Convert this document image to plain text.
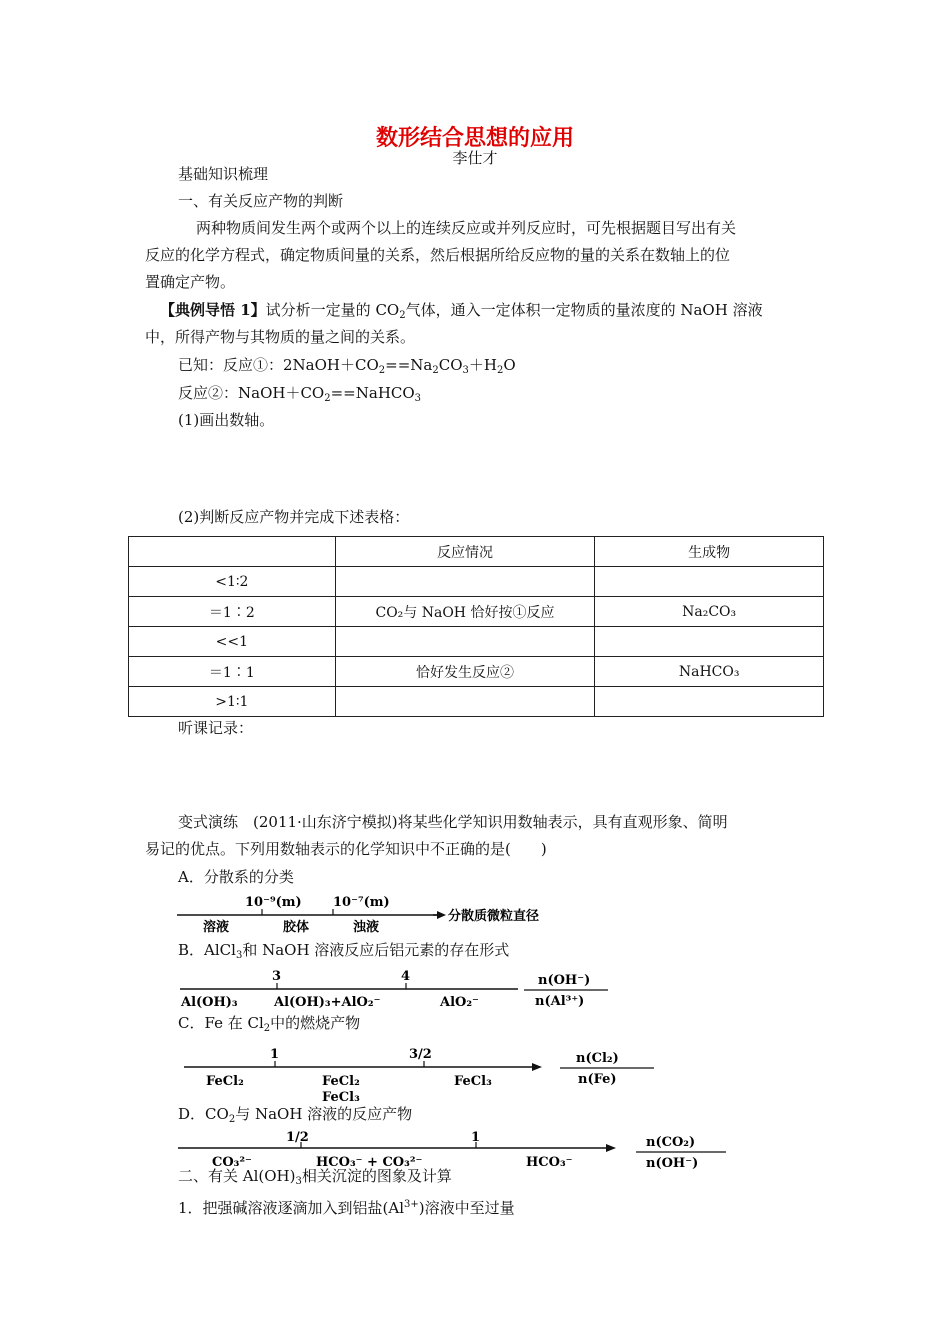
数形结合思想的应用
李仕才
基础知识梳理
一、有关反应产物的判断
两种物质间发生两个或两个以上的连续反应或并列反应时，可先根据题目写出有关
反应的化学方程式，确定物质间量的关系，然后根据所给反应物的量的关系在数轴上的位
置确定产物。
【典例导悟 1】试分析一定量的 $CO_2$气体，通入一定体积一定物质的量浓度的 NaOH 溶液
中，所得产物与其物质的量之间的关系。
已知：反应①：$2NaOH+CO_2==Na_2CO_3+H_2O$
反应②：$NaOH+CO_2==NaHCO_3$
(1)画出数轴。
(2)判断反应产物并完成下述表格：
	反应情况	生成物
<1∶2		
＝1∶2	CO₂与 NaOH 恰好按①反应	Na₂CO₃
<<1		
＝1∶1	恰好发生反应②	NaHCO₃
>1∶1		
听课记录：
变式演练　(2011·山东济宁模拟)将某些化学知识用数轴表示，具有直观形象、简明
易记的优点。下列用数轴表示的化学知识中不正确的是(　　)
A．分散系的分类
10⁻⁹(m) 10⁻⁷(m)
溶液	胶体	浊液
分散质微粒直径
B．AlCl$_3$和 NaOH 溶液反应后铝元素的存在形式
3	4
Al(OH)₃	Al(OH)₃+AlO₂⁻	AlO₂⁻
n(OH⁻)
n(Al³⁺)
C．Fe 在 $Cl_2$中的燃烧产物
1	3/2
FeCl₂	FeCl₂
FeCl₃
FeCl₃
n(Cl₂)
n(Fe)
D．$CO_2$与 NaOH 溶液的反应产物
1/2	1
CO₃²⁻	HCO₃⁻ + CO₃²⁻	HCO₃⁻
n(CO₂)
n(OH⁻)
二、有关 $Al(OH)_3$相关沉淀的图象及计算
1．把强碱溶液逐滴加入到铝盐$(Al^{3+})$溶液中至过量
